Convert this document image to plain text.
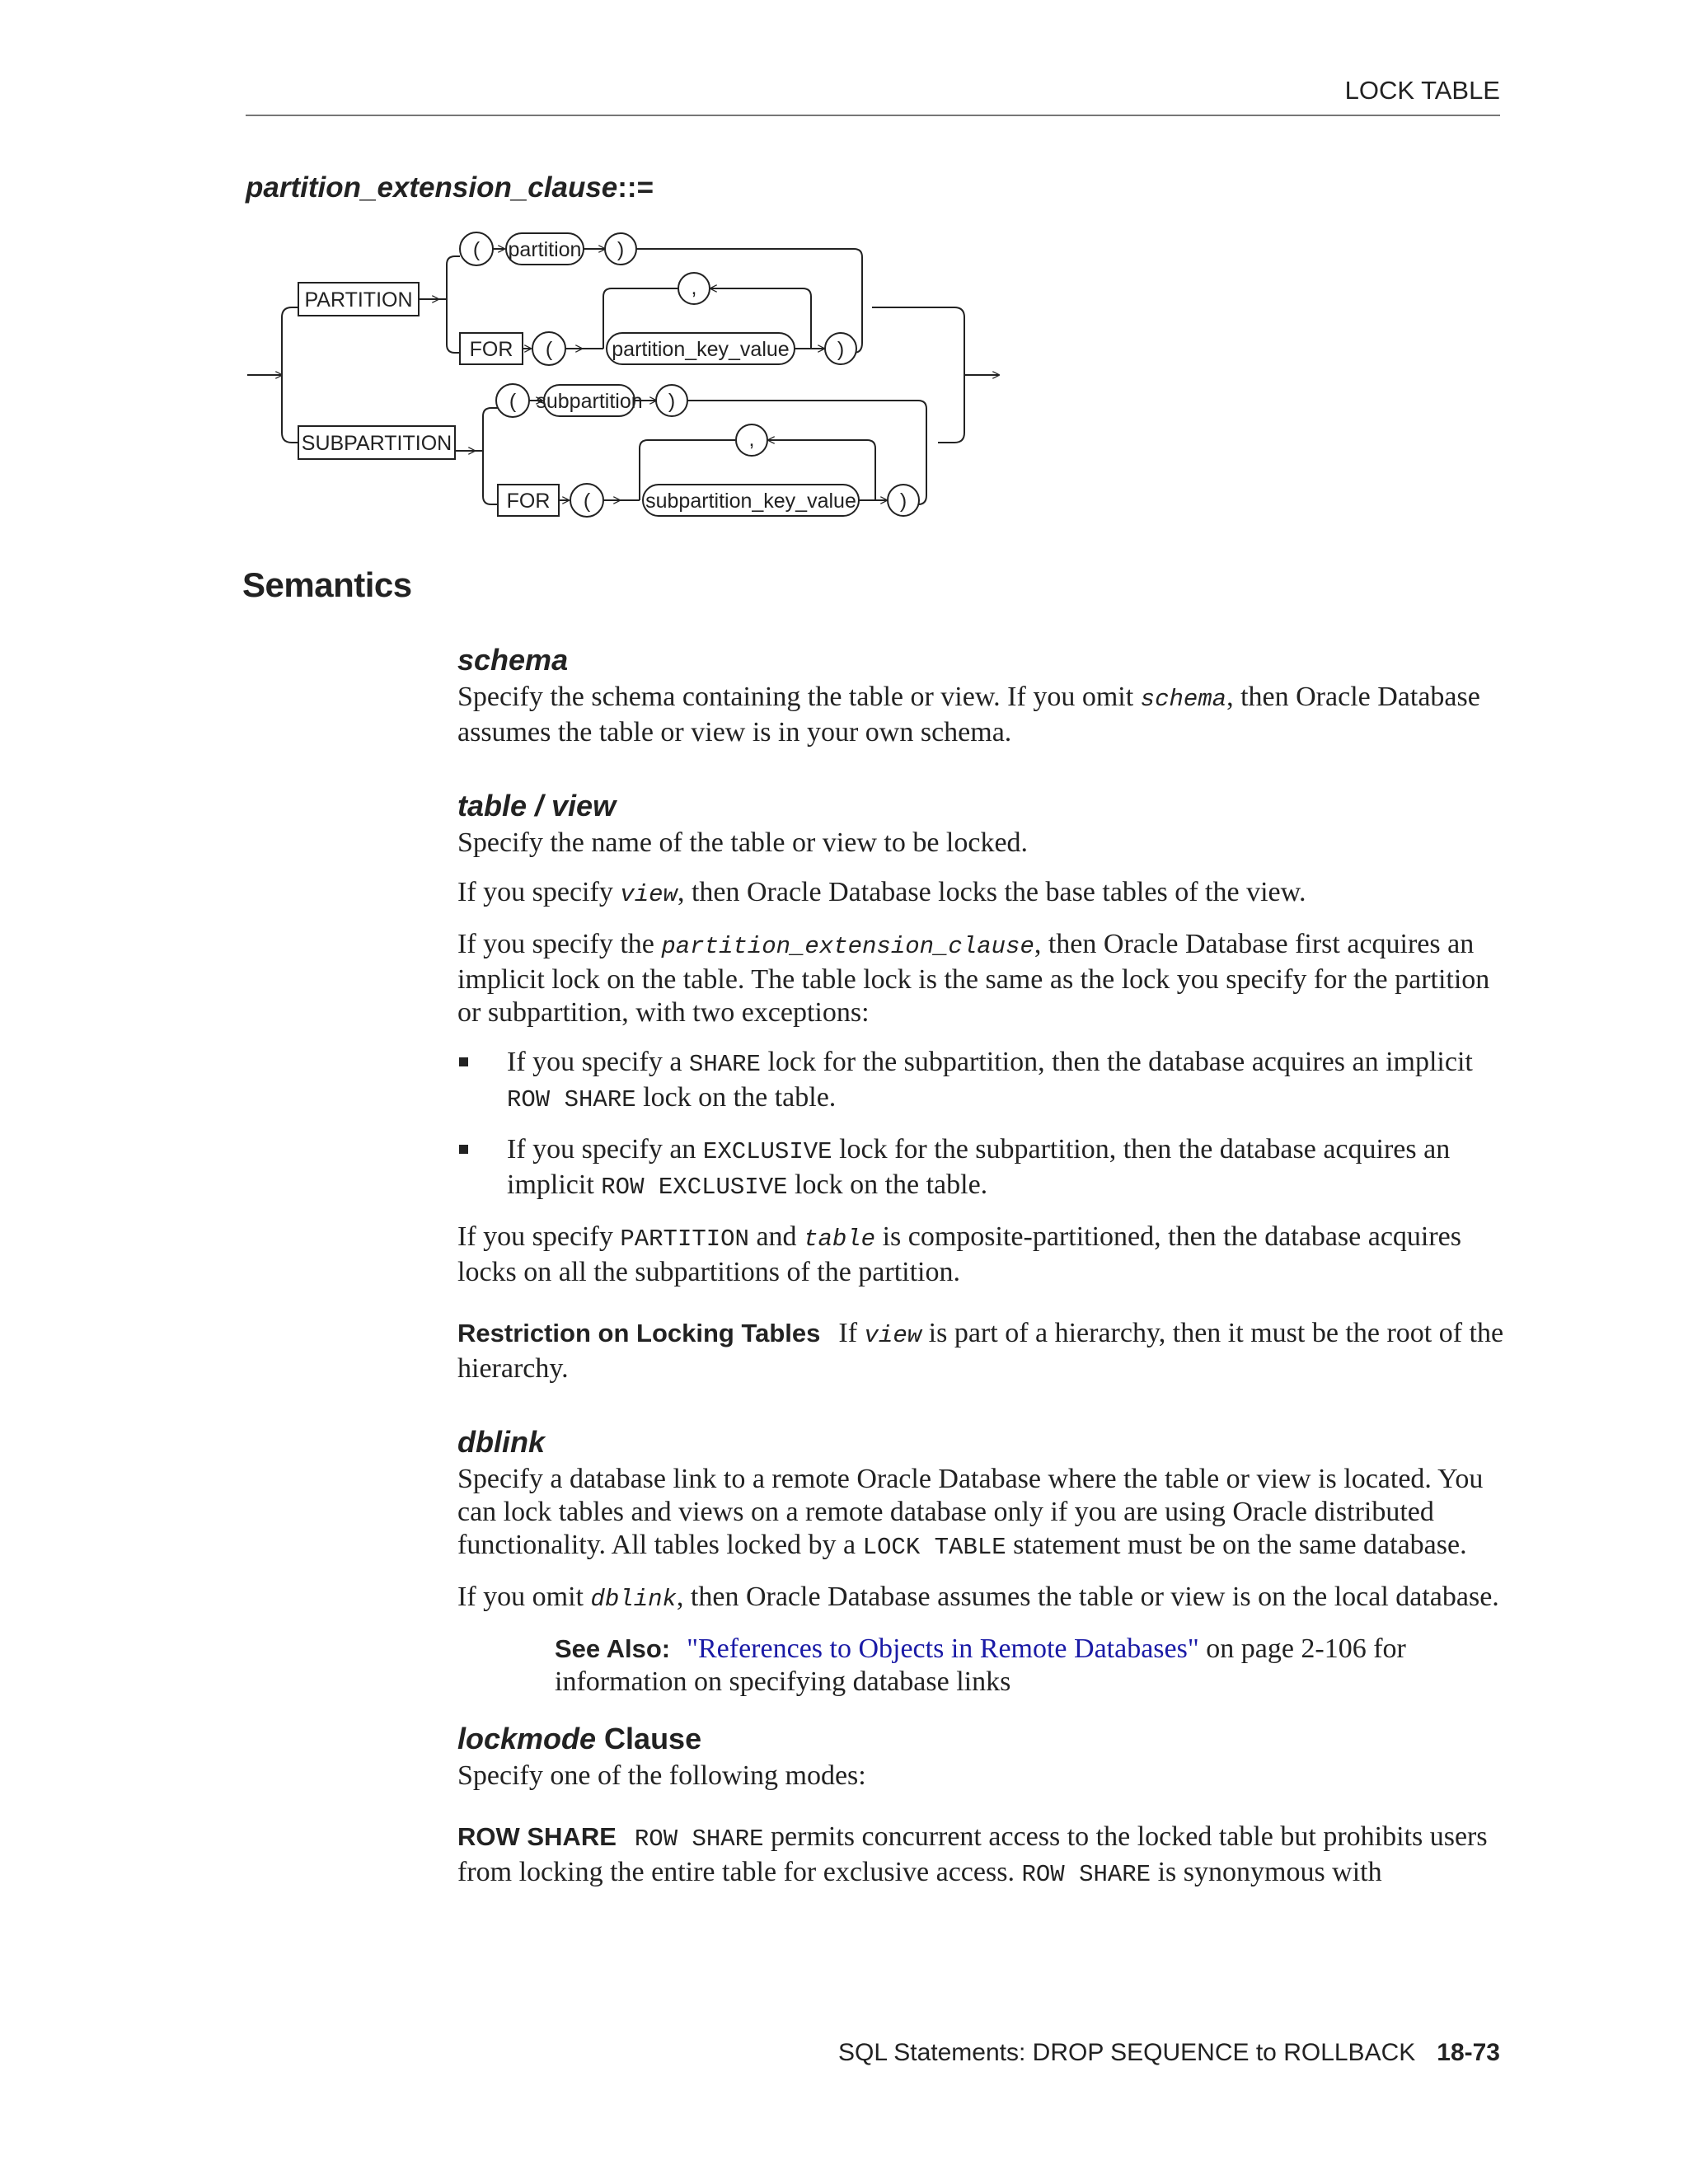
LOCK TABLE
partition_extension_clause::=
PARTITION
FOR
SUBPARTITION
FOR
partition
partition_key_value
subpartition
subpartition_key_value
(	)
(	)
,
(	)
(	)
,
Semantics
schema

Specify the schema containing the table or view. If you omit schema, then Oracle Database assumes the table or view is in your own schema.

table / view

Specify the name of the table or view to be locked.

If you specify view, then Oracle Database locks the base tables of the view.

If you specify the partition_extension_clause, then Oracle Database first acquires an implicit lock on the table. The table lock is the same as the lock you specify for the partition or subpartition, with two exceptions:

If you specify a SHARE lock for the subpartition, then the database acquires an implicit ROW SHARE lock on the table.
If you specify an EXCLUSIVE lock for the subpartition, then the database acquires an implicit ROW EXCLUSIVE lock on the table.

If you specify PARTITION and table is composite-partitioned, then the database acquires locks on all the subpartitions of the partition.

Restriction on Locking Tables If view is part of a hierarchy, then it must be the root of the hierarchy.

dblink

Specify a database link to a remote Oracle Database where the table or view is located. You can lock tables and views on a remote database only if you are using Oracle distributed functionality. All tables locked by a LOCK TABLE statement must be on the same database.

If you omit dblink, then Oracle Database assumes the table or view is on the local database.

See Also: "References to Objects in Remote Databases" on page 2-106 for information on specifying database links
lockmode Clause

Specify one of the following modes:

ROW SHARE ROW SHARE permits concurrent access to the locked table but prohibits users from locking the entire table for exclusive access. ROW SHARE is synonymous with

SQL Statements: DROP SEQUENCE to ROLLBACK 18-73
